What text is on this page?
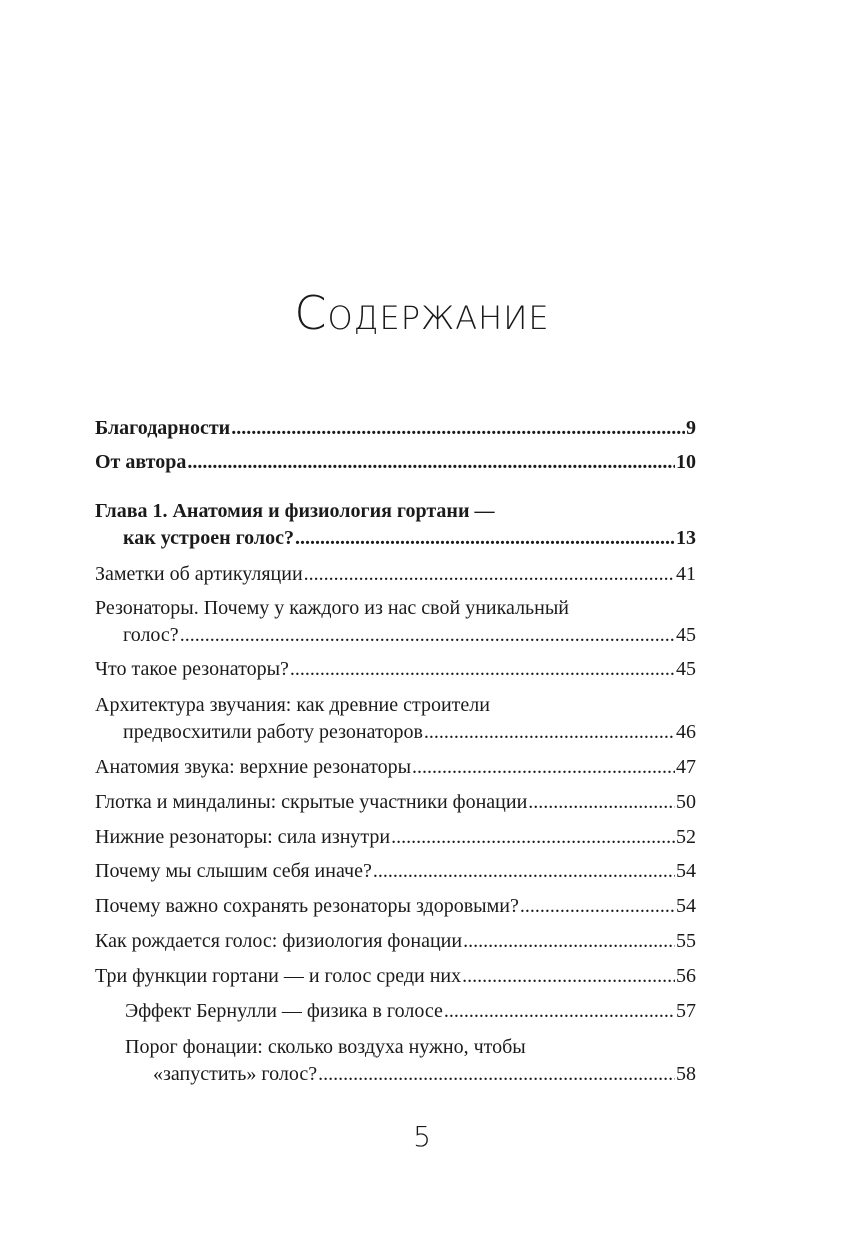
Содержание
Благодарности .....	9
От автора .....	10
Глава 1. Анатомия и физиология гортани —
как устроен голос? .....	13
Заметки об артикуляции .....	41
Резонаторы. Почему у каждого из нас свой уникальный
голос? .....	45
Что такое резонаторы? .....	45
Архитектура звучания: как древние строители
предвосхитили работу резонаторов .....	46
Анатомия звука: верхние резонаторы .....	47
Глотка и миндалины: скрытые участники фонации .....	50
Нижние резонаторы: сила изнутри .....	52
Почему мы слышим себя иначе? .....	54
Почему важно сохранять резонаторы здоровыми? .....	54
Как рождается голос: физиология фонации .....	55
Три функции гортани — и голос среди них .....	56
Эффект Бернулли — физика в голосе .....	57
Порог фонации: сколько воздуха нужно, чтобы
«запустить» голос? .....	58
5
